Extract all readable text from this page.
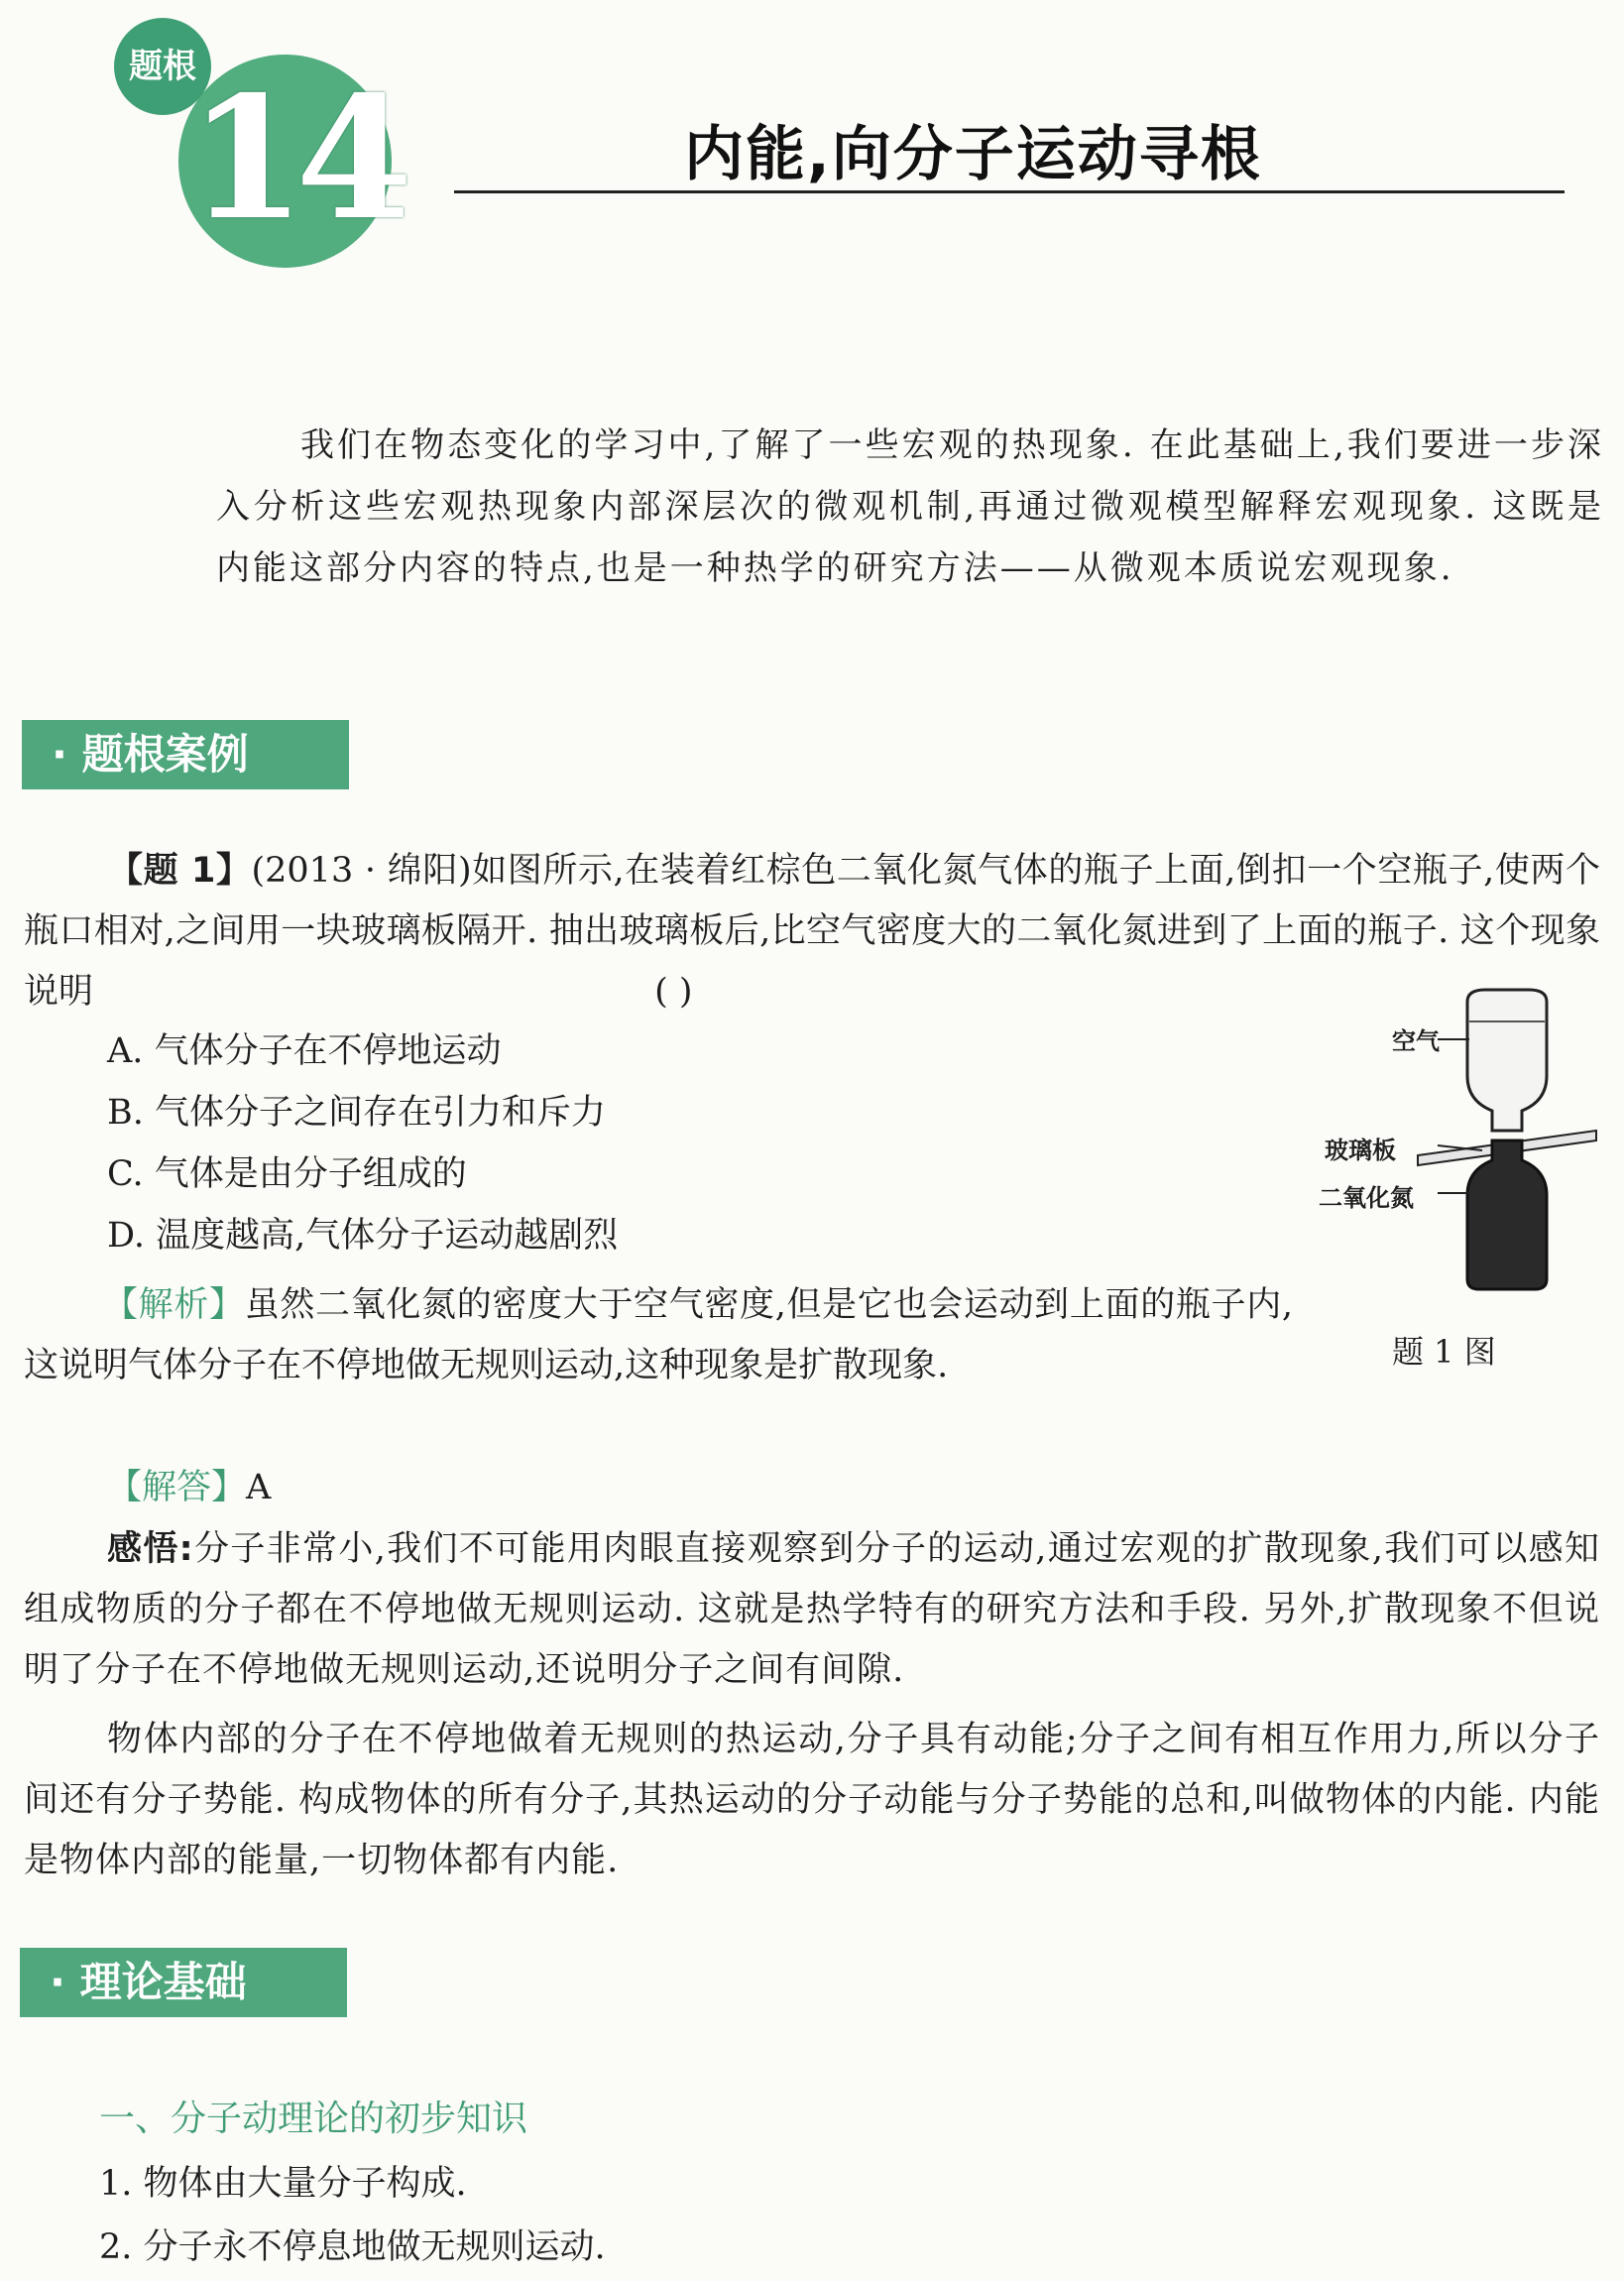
题根
14	内能,向分子运动寻根
我们在物态变化的学习中,了解了一些宏观的热现象. 在此基础上,我们要进一步深入分析这些宏观热现象内部深层次的微观机制,再通过微观模型解释宏观现象. 这既是内能这部分内容的特点,也是一种热学的研究方法——从微观本质说宏观现象.
· 题根案例
【题 1】(2013 · 绵阳)如图所示,在装着红棕色二氧化氮气体的瓶子上面,倒扣一个空瓶子,使两个瓶口相对,之间用一块玻璃板隔开. 抽出玻璃板后,比空气密度大的二氧化氮进到了上面的瓶子. 这个现象说明	( )
A. 气体分子在不停地运动
B. 气体分子之间存在引力和斥力
C. 气体是由分子组成的
D. 温度越高,气体分子运动越剧烈
空气
玻璃板
二氧化氮
题 1 图
【解析】虽然二氧化氮的密度大于空气密度,但是它也会运动到上面的瓶子内,这说明气体分子在不停地做无规则运动,这种现象是扩散现象.
【解答】A
感悟:分子非常小,我们不可能用肉眼直接观察到分子的运动,通过宏观的扩散现象,我们可以感知组成物质的分子都在不停地做无规则运动. 这就是热学特有的研究方法和手段. 另外,扩散现象不但说明了分子在不停地做无规则运动,还说明分子之间有间隙.
物体内部的分子在不停地做着无规则的热运动,分子具有动能;分子之间有相互作用力,所以分子间还有分子势能. 构成物体的所有分子,其热运动的分子动能与分子势能的总和,叫做物体的内能. 内能是物体内部的能量,一切物体都有内能.
· 理论基础
一、分子动理论的初步知识
1. 物体由大量分子构成.
2. 分子永不停息地做无规则运动.
